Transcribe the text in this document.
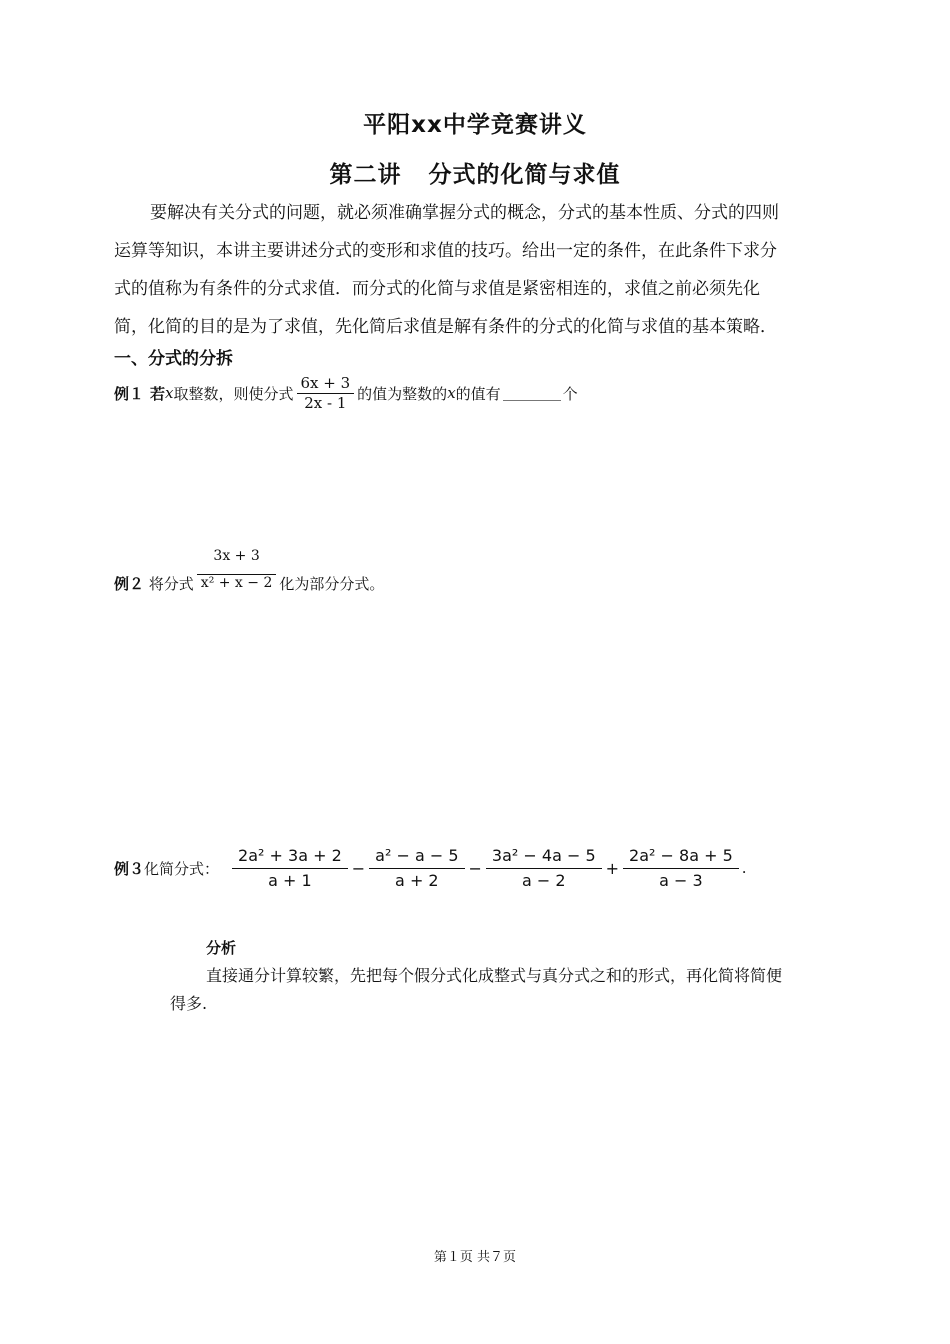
平阳xx中学竞赛讲义
第二讲   分式的化简与求值
要解决有关分式的问题，就必须准确掌握分式的概念，分式的基本性质、分式的四则
运算等知识，本讲主要讲述分式的变形和求值的技巧。给出一定的条件，在此条件下求分
式的值称为有条件的分式求值．而分式的化简与求值是紧密相连的，求值之前必须先化
简，化简的目的是为了求值，先化简后求值是解有条件的分式的化简与求值的基本策略．
一、分式的分拆
例１ 若 x 取整数，则使分式 $\frac{6x + 3}{2x - 1}$ 的值为整数的 x 的值有	个
例２ 将分式 $\frac{3x + 3}{\text{x² + x − 2}}$ 化为部分分式。
例３ 化简分式： $\frac{\text{2a² + 3a + 2}}{a + 1} - \frac{\text{a² − a − 5}}{a + 2} - \frac{\text{3a² − 4a − 5}}{a - 2} + \frac{\text{2a² − 8a + 5}}{a - 3}$ .
分析
直接通分计算较繁，先把每个假分式化成整式与真分式之和的形式，再化简将简便
得多.
第１页 共７页
